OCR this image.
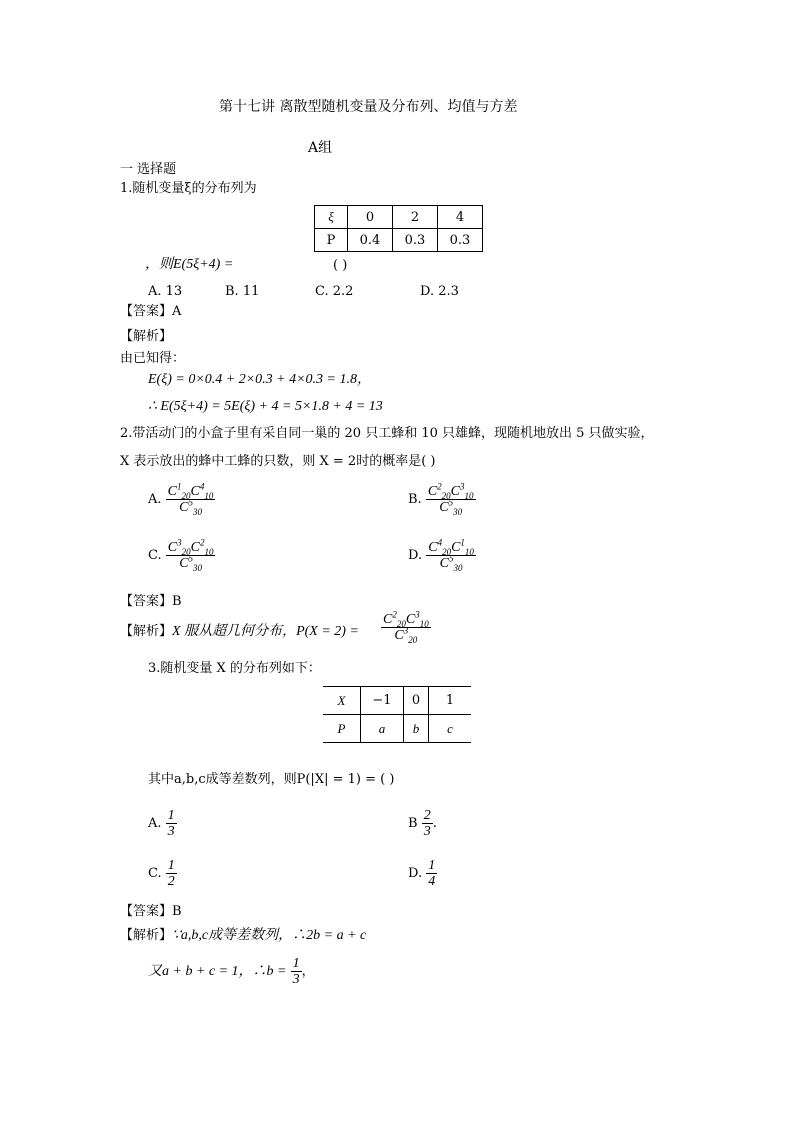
第十七讲 离散型随机变量及分布列、均值与方差
A组
一 选择题
1.随机变量ξ的分布列为
ξ	0	2	4
P	0.4	0.3	0.3
，则E(5ξ+4) =	( )
A. 13	B. 11	C. 2.2	D. 2.3
【答案】A
【解析】
由已知得：
E(ξ) = 0×0.4 + 2×0.3 + 4×0.3 = 1.8，
∴ E(5ξ+4) = 5E(ξ) + 4 = 5×1.8 + 4 = 13
2.带活动门的小盒子里有采自同一巢的 20 只工蜂和 10 只雄蜂，现随机地放出 5 只做实验，
X 表示放出的蜂中工蜂的只数，则 X = 2时的概率是( )
A. $\frac{C^1_{20}C^4_{10}}{C^5_{30}}$	B. $\frac{C^2_{20}C^3_{10}}{C^5_{30}}$
C. $\frac{C^3_{20}C^2_{10}}{C^5_{30}}$	D. $\frac{C^4_{20}C^1_{10}}{C^5_{30}}$
【答案】B
【解析】X 服从超几何分布，$P(X = 2) = \frac{C^2_{20}C^3_{10}}{C^3_{20}}$
3.随机变量 X 的分布列如下：
X	−1	0	1
P	a	b	c
其中a,b,c成等差数列，则P(|X| = 1) = ( )
A. $\frac{1}{3}$	B $\frac{2}{3}$ .
C. $\frac{1}{2}$	D. $\frac{1}{4}$
【答案】B
【解析】∵a,b,c成等差数列，∴2b = a + c
又a + b + c = 1，∴b = $\frac{1}{3}$ ，
